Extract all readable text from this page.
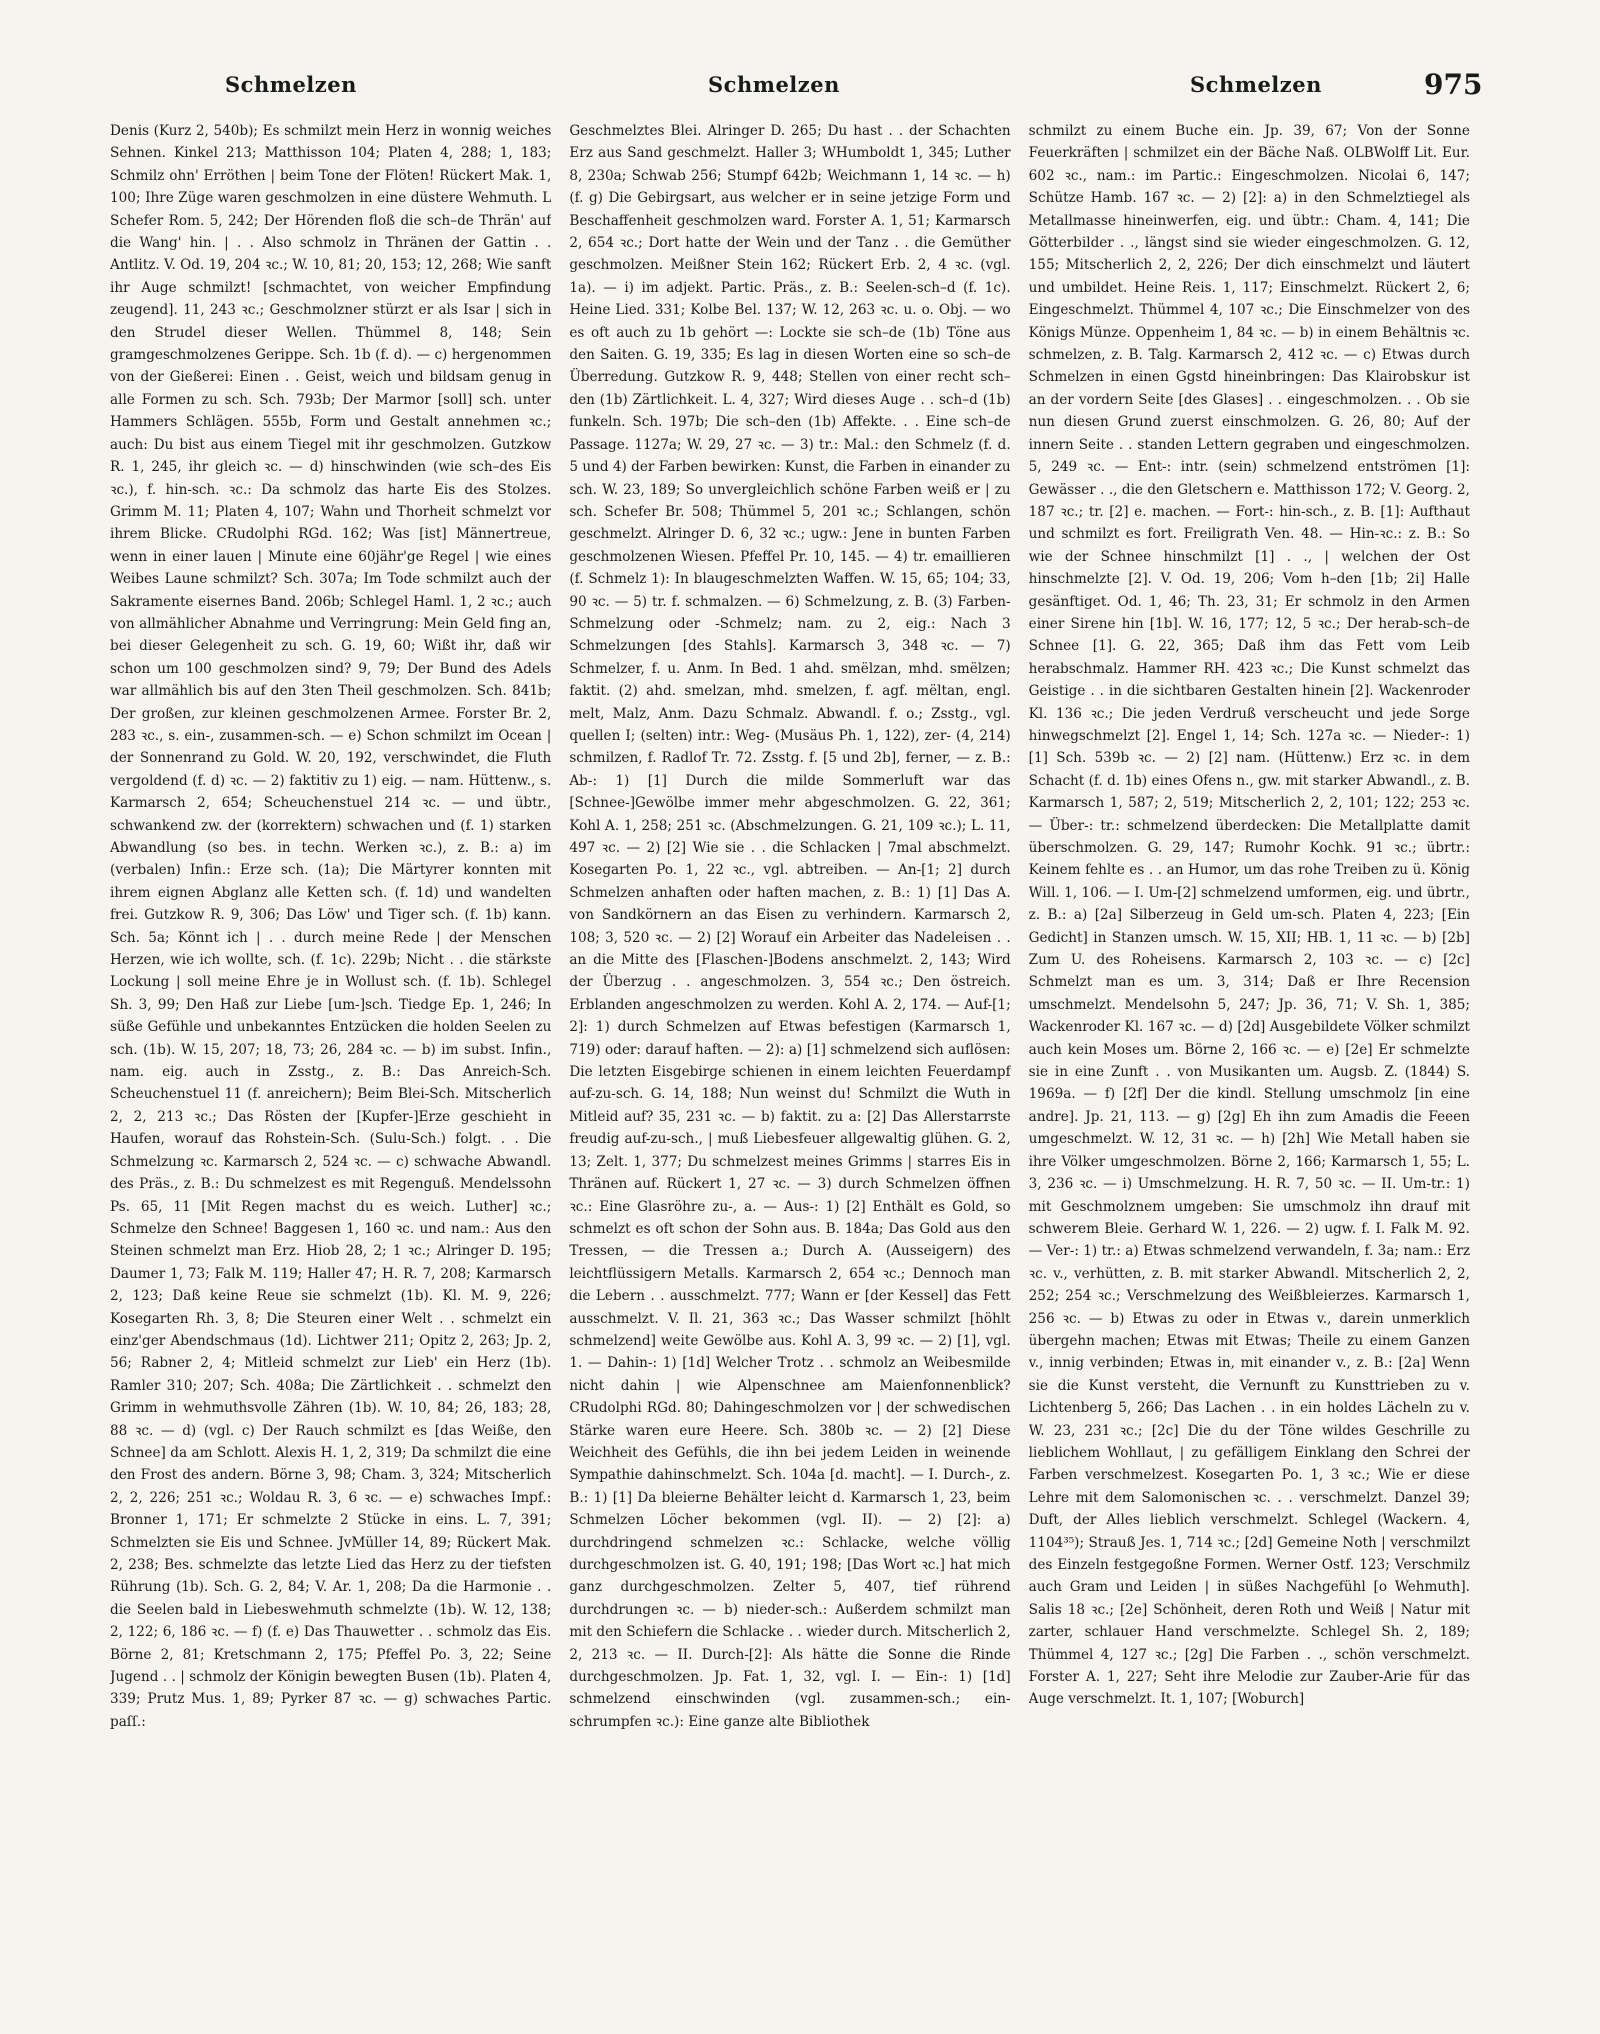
Schmelzen	Schmelzen	Schmelzen	975

Denis (Kurz 2, 540b); Es schmilzt mein Herz in wonnig weiches Sehnen. Kinkel 213; Matthisson 104; Platen 4, 288; 1, 183; Schmilz ohn' Erröthen | beim Tone der Flöten! Rückert Mak. 1, 100; Ihre Züge waren geschmolzen in eine düstere Wehmuth. L Schefer Rom. 5, 242; Der Hörenden floß die sch–de Thrän' auf die Wang' hin. | . . Also schmolz in Thränen der Gattin . . Antlitz. V. Od. 19, 204 ꝛc.; W. 10, 81; 20, 153; 12, 268; Wie sanft ihr Auge schmilzt! [schmachtet, von weicher Empfindung zeugend]. 11, 243 ꝛc.; Geschmolzner stürzt er als Isar | sich in den Strudel dieser Wellen. Thümmel 8, 148; Sein gramgeschmolzenes Gerippe. Sch. 1b (f. d). — c) hergenommen von der Gießerei: Einen . . Geist, weich und bildsam genug in alle Formen zu sch. Sch. 793b; Der Marmor [soll] sch. unter Hammers Schlägen. 555b, Form und Gestalt annehmen ꝛc.; auch: Du bist aus einem Tiegel mit ihr geschmolzen. Gutzkow R. 1, 245, ihr gleich ꝛc. — d) hinschwinden (wie sch–des Eis ꝛc.), f. hin-sch. ꝛc.: Da schmolz das harte Eis des Stolzes. Grimm M. 11; Platen 4, 107; Wahn und Thorheit schmelzt vor ihrem Blicke. CRudolphi RGd. 162; Was [ist] Männertreue, wenn in einer lauen | Minute eine 60jähr'ge Regel | wie eines Weibes Laune schmilzt? Sch. 307a; Im Tode schmilzt auch der Sakramente eisernes Band. 206b; Schlegel Haml. 1, 2 ꝛc.; auch von allmählicher Abnahme und Verringrung: Mein Geld fing an, bei dieser Gelegenheit zu sch. G. 19, 60; Wißt ihr, daß wir schon um 100 geschmolzen sind? 9, 79; Der Bund des Adels war allmählich bis auf den 3ten Theil geschmolzen. Sch. 841b; Der großen, zur kleinen geschmolzenen Armee. Forster Br. 2, 283 ꝛc., s. ein-, zusammen-sch. — e) Schon schmilzt im Ocean | der Sonnenrand zu Gold. W. 20, 192, verschwindet, die Fluth vergoldend (f. d) ꝛc. — 2) faktitiv zu 1) eig. — nam. Hüttenw., s. Karmarsch 2, 654; Scheuchenstuel 214 ꝛc. — und übtr., schwankend zw. der (korrektern) schwachen und (f. 1) starken Abwandlung (so bes. in techn. Werken ꝛc.), z. B.: a) im (verbalen) Infin.: Erze sch. (1a); Die Märtyrer konnten mit ihrem eignen Abglanz alle Ketten sch. (f. 1d) und wandelten frei. Gutzkow R. 9, 306; Das Löw' und Tiger sch. (f. 1b) kann. Sch. 5a; Könnt ich | . . durch meine Rede | der Menschen Herzen, wie ich wollte, sch. (f. 1c). 229b; Nicht . . die stärkste Lockung | soll meine Ehre je in Wollust sch. (f. 1b). Schlegel Sh. 3, 99; Den Haß zur Liebe [um-]sch. Tiedge Ep. 1, 246; In süße Gefühle und unbekanntes Entzücken die holden Seelen zu sch. (1b). W. 15, 207; 18, 73; 26, 284 ꝛc. — b) im subst. Infin., nam. eig. auch in Zsstg., z. B.: Das Anreich-Sch. Scheuchenstuel 11 (f. anreichern); Beim Blei-Sch. Mitscherlich 2, 2, 213 ꝛc.; Das Rösten der [Kupfer-]Erze geschieht in Haufen, worauf das Rohstein-Sch. (Sulu-Sch.) folgt. . . Die Schmelzung ꝛc. Karmarsch 2, 524 ꝛc. — c) schwache Abwandl. des Präs., z. B.: Du schmelzest es mit Regenguß. Mendelssohn Ps. 65, 11 [Mit Regen machst du es weich. Luther] ꝛc.; Schmelze den Schnee! Baggesen 1, 160 ꝛc. und nam.: Aus den Steinen schmelzt man Erz. Hiob 28, 2; 1 ꝛc.; Alringer D. 195; Daumer 1, 73; Falk M. 119; Haller 47; H. R. 7, 208; Karmarsch 2, 123; Daß keine Reue sie schmelzt (1b). Kl. M. 9, 226; Kosegarten Rh. 3, 8; Die Steuren einer Welt . . schmelzt ein einz'ger Abendschmaus (1d). Lichtwer 211; Opitz 2, 263; Jp. 2, 56; Rabner 2, 4; Mitleid schmelzt zur Lieb' ein Herz (1b). Ramler 310; 207; Sch. 408a; Die Zärtlichkeit . . schmelzt den Grimm in wehmuthsvolle Zähren (1b). W. 10, 84; 26, 183; 28, 88 ꝛc. — d) (vgl. c) Der Rauch schmilzt es [das Weiße, den Schnee] da am Schlott. Alexis H. 1, 2, 319; Da schmilzt die eine den Frost des andern. Börne 3, 98; Cham. 3, 324; Mitscherlich 2, 2, 226; 251 ꝛc.; Woldau R. 3, 6 ꝛc. — e) schwaches Impf.: Bronner 1, 171; Er schmelzte 2 Stücke in eins. L. 7, 391; Schmelzten sie Eis und Schnee. JvMüller 14, 89; Rückert Mak. 2, 238; Bes. schmelzte das letzte Lied das Herz zu der tiefsten Rührung (1b). Sch. G. 2, 84; V. Ar. 1, 208; Da die Harmonie . . die Seelen bald in Liebeswehmuth schmelzte (1b). W. 12, 138; 2, 122; 6, 186 ꝛc. — f) (f. e) Das Thauwetter . . schmolz das Eis. Börne 2, 81; Kretschmann 2, 175; Pfeffel Po. 3, 22; Seine Jugend . . | schmolz der Königin bewegten Busen (1b). Platen 4, 339; Prutz Mus. 1, 89; Pyrker 87 ꝛc. — g) schwaches Partic. paſſ.:

Geschmelztes Blei. Alringer D. 265; Du hast . . der Schachten Erz aus Sand geschmelzt. Haller 3; WHumboldt 1, 345; Luther 8, 230a; Schwab 256; Stumpf 642b; Weichmann 1, 14 ꝛc. — h) (f. g) Die Gebirgsart, aus welcher er in seine jetzige Form und Beschaffenheit geschmolzen ward. Forster A. 1, 51; Karmarsch 2, 654 ꝛc.; Dort hatte der Wein und der Tanz . . die Gemüther geschmolzen. Meißner Stein 162; Rückert Erb. 2, 4 ꝛc. (vgl. 1a). — i) im adjekt. Partic. Präs., z. B.: Seelen-sch–d (f. 1c). Heine Lied. 331; Kolbe Bel. 137; W. 12, 263 ꝛc. u. o. Obj. — wo es oft auch zu 1b gehört —: Lockte sie sch–de (1b) Töne aus den Saiten. G. 19, 335; Es lag in diesen Worten eine so sch–de Überredung. Gutzkow R. 9, 448; Stellen von einer recht sch–den (1b) Zärtlichkeit. L. 4, 327; Wird dieses Auge . . sch–d (1b) funkeln. Sch. 197b; Die sch–den (1b) Affekte. . . Eine sch–de Passage. 1127a; W. 29, 27 ꝛc. — 3) tr.: Mal.: den Schmelz (f. d. 5 und 4) der Farben bewirken: Kunst, die Farben in einander zu sch. W. 23, 189; So unvergleichlich schöne Farben weiß er | zu sch. Schefer Br. 508; Thümmel 5, 201 ꝛc.; Schlangen, schön geschmelzt. Alringer D. 6, 32 ꝛc.; ugw.: Jene in bunten Farben geschmolzenen Wiesen. Pfeffel Pr. 10, 145. — 4) tr. emaillieren (f. Schmelz 1): In blaugeschmelzten Waffen. W. 15, 65; 104; 33, 90 ꝛc. — 5) tr. f. schmalzen. — 6) Schmelzung, z. B. (3) Farben-Schmelzung oder -Schmelz; nam. zu 2, eig.: Nach 3 Schmelzungen [des Stahls]. Karmarsch 3, 348 ꝛc. — 7) Schmelzer, f. u. Anm. In Bed. 1 ahd. smëlzan, mhd. smëlzen; faktit. (2) ahd. smelzan, mhd. smelzen, f. agf. mëltan, engl. melt, Malz, Anm. Dazu Schmalz. Abwandl. f. o.; Zsstg., vgl. quellen I; (selten) intr.: Weg- (Musäus Ph. 1, 122), zer- (4, 214) schmilzen, f. Radlof Tr. 72. Zsstg. f. [5 und 2b], ferner, — z. B.: Ab-: 1) [1] Durch die milde Sommerluft war das [Schnee-]Gewölbe immer mehr abgeschmolzen. G. 22, 361; Kohl A. 1, 258; 251 ꝛc. (Abschmelzungen. G. 21, 109 ꝛc.); L. 11, 497 ꝛc. — 2) [2] Wie sie . . die Schlacken | 7mal abschmelzt. Kosegarten Po. 1, 22 ꝛc., vgl. abtreiben. — An-[1; 2] durch Schmelzen anhaften oder haften machen, z. B.: 1) [1] Das A. von Sandkörnern an das Eisen zu verhindern. Karmarsch 2, 108; 3, 520 ꝛc. — 2) [2] Worauf ein Arbeiter das Nadeleisen . . an die Mitte des [Flaschen-]Bodens anschmelzt. 2, 143; Wird der Überzug . . angeschmolzen. 3, 554 ꝛc.; Den östreich. Erblanden angeschmolzen zu werden. Kohl A. 2, 174. — Auf-[1; 2]: 1) durch Schmelzen auf Etwas befestigen (Karmarsch 1, 719) oder: darauf haften. — 2): a) [1] schmelzend sich auflösen: Die letzten Eisgebirge schienen in einem leichten Feuerdampf auf-zu-sch. G. 14, 188; Nun weinst du! Schmilzt die Wuth in Mitleid auf? 35, 231 ꝛc. — b) faktit. zu a: [2] Das Allerstarrste freudig auf-zu-sch., | muß Liebesfeuer allgewaltig glühen. G. 2, 13; Zelt. 1, 377; Du schmelzest meines Grimms | starres Eis in Thränen auf. Rückert 1, 27 ꝛc. — 3) durch Schmelzen öffnen ꝛc.: Eine Glasröhre zu-, a. — Aus-: 1) [2] Enthält es Gold, so schmelzt es oft schon der Sohn aus. B. 184a; Das Gold aus den Tressen, — die Tressen a.; Durch A. (Ausseigern) des leichtflüssigern Metalls. Karmarsch 2, 654 ꝛc.; Dennoch man die Lebern . . ausschmelzt. 777; Wann er [der Kessel] das Fett ausschmelzt. V. Il. 21, 363 ꝛc.; Das Wasser schmilzt [höhlt schmelzend] weite Gewölbe aus. Kohl A. 3, 99 ꝛc. — 2) [1], vgl. 1. — Dahin-: 1) [1d] Welcher Trotz . . schmolz an Weibesmilde nicht dahin | wie Alpenschnee am Maienfonnenblick? CRudolphi RGd. 80; Dahingeschmolzen vor | der schwedischen Stärke waren eure Heere. Sch. 380b ꝛc. — 2) [2] Diese Weichheit des Gefühls, die ihn bei jedem Leiden in weinende Sympathie dahinschmelzt. Sch. 104a [d. macht]. — I. Durch-, z. B.: 1) [1] Da bleierne Behälter leicht d. Karmarsch 1, 23, beim Schmelzen Löcher bekommen (vgl. II). — 2) [2]: a) durchdringend schmelzen ꝛc.: Schlacke, welche völlig durchgeschmolzen ist. G. 40, 191; 198; [Das Wort ꝛc.] hat mich ganz durchgeschmolzen. Zelter 5, 407, tief rührend durchdrungen ꝛc. — b) nieder-sch.: Außerdem schmilzt man mit den Schiefern die Schlacke . . wieder durch. Mitscherlich 2, 2, 213 ꝛc. — II. Durch-[2]: Als hätte die Sonne die Rinde durchgeschmolzen. Jp. Fat. 1, 32, vgl. I. — Ein-: 1) [1d] schmelzend einschwinden (vgl. zusammen-sch.; ein-schrumpfen ꝛc.): Eine ganze alte Bibliothek

schmilzt zu einem Buche ein. Jp. 39, 67; Von der Sonne Feuerkräften | schmilzet ein der Bäche Naß. OLBWolff Lit. Eur. 602 ꝛc., nam.: im Partic.: Eingeschmolzen. Nicolai 6, 147; Schütze Hamb. 167 ꝛc. — 2) [2]: a) in den Schmelztiegel als Metallmasse hineinwerfen, eig. und übtr.: Cham. 4, 141; Die Götterbilder . ., längst sind sie wieder eingeschmolzen. G. 12, 155; Mitscherlich 2, 2, 226; Der dich einschmelzt und läutert und umbildet. Heine Reis. 1, 117; Einschmelzt. Rückert 2, 6; Eingeschmelzt. Thümmel 4, 107 ꝛc.; Die Einschmelzer von des Königs Münze. Oppenheim 1, 84 ꝛc. — b) in einem Behältnis ꝛc. schmelzen, z. B. Talg. Karmarsch 2, 412 ꝛc. — c) Etwas durch Schmelzen in einen Ggstd hineinbringen: Das Klairobskur ist an der vordern Seite [des Glases] . . eingeschmolzen. . . Ob sie nun diesen Grund zuerst einschmolzen. G. 26, 80; Auf der innern Seite . . standen Lettern gegraben und eingeschmolzen. 5, 249 ꝛc. — Ent-: intr. (sein) schmelzend entströmen [1]: Gewässer . ., die den Gletschern e. Matthisson 172; V. Georg. 2, 187 ꝛc.; tr. [2] e. machen. — Fort-: hin-sch., z. B. [1]: Aufthaut und schmilzt es fort. Freiligrath Ven. 48. — Hin-ꝛc.: z. B.: So wie der Schnee hinschmilzt [1] . ., | welchen der Ost hinschmelzte [2]. V. Od. 19, 206; Vom h–den [1b; 2i] Halle gesänftiget. Od. 1, 46; Th. 23, 31; Er schmolz in den Armen einer Sirene hin [1b]. W. 16, 177; 12, 5 ꝛc.; Der herab-sch–de Schnee [1]. G. 22, 365; Daß ihm das Fett vom Leib herabschmalz. Hammer RH. 423 ꝛc.; Die Kunst schmelzt das Geistige . . in die sichtbaren Gestalten hinein [2]. Wackenroder Kl. 136 ꝛc.; Die jeden Verdruß verscheucht und jede Sorge hinwegschmelzt [2]. Engel 1, 14; Sch. 127a ꝛc. — Nieder-: 1) [1] Sch. 539b ꝛc. — 2) [2] nam. (Hüttenw.) Erz ꝛc. in dem Schacht (f. d. 1b) eines Ofens n., gw. mit starker Abwandl., z. B. Karmarsch 1, 587; 2, 519; Mitscherlich 2, 2, 101; 122; 253 ꝛc. — Über-: tr.: schmelzend überdecken: Die Metallplatte damit überschmolzen. G. 29, 147; Rumohr Kochk. 91 ꝛc.; übrtr.: Keinem fehlte es . . an Humor, um das rohe Treiben zu ü. König Will. 1, 106. — I. Um-[2] schmelzend umformen, eig. und übrtr., z. B.: a) [2a] Silberzeug in Geld um-sch. Platen 4, 223; [Ein Gedicht] in Stanzen umsch. W. 15, XII; HB. 1, 11 ꝛc. — b) [2b] Zum U. des Roheisens. Karmarsch 2, 103 ꝛc. — c) [2c] Schmelzt man es um. 3, 314; Daß er Ihre Recension umschmelzt. Mendelsohn 5, 247; Jp. 36, 71; V. Sh. 1, 385; Wackenroder Kl. 167 ꝛc. — d) [2d] Ausgebildete Völker schmilzt auch kein Moses um. Börne 2, 166 ꝛc. — e) [2e] Er schmelzte sie in eine Zunft . . von Musikanten um. Augsb. Z. (1844) S. 1969a. — f) [2f] Der die kindl. Stellung umschmolz [in eine andre]. Jp. 21, 113. — g) [2g] Eh ihn zum Amadis die Feeen umgeschmelzt. W. 12, 31 ꝛc. — h) [2h] Wie Metall haben sie ihre Völker umgeschmolzen. Börne 2, 166; Karmarsch 1, 55; L. 3, 236 ꝛc. — i) Umschmelzung. H. R. 7, 50 ꝛc. — II. Um-tr.: 1) mit Geschmolznem umgeben: Sie umschmolz ihn drauf mit schwerem Bleie. Gerhard W. 1, 226. — 2) ugw. f. I. Falk M. 92. — Ver-: 1) tr.: a) Etwas schmelzend verwandeln, f. 3a; nam.: Erz ꝛc. v., verhütten, z. B. mit starker Abwandl. Mitscherlich 2, 2, 252; 254 ꝛc.; Verschmelzung des Weißbleierzes. Karmarsch 1, 256 ꝛc. — b) Etwas zu oder in Etwas v., darein unmerklich übergehn machen; Etwas mit Etwas; Theile zu einem Ganzen v., innig verbinden; Etwas in, mit einander v., z. B.: [2a] Wenn sie die Kunst versteht, die Vernunft zu Kunsttrieben zu v. Lichtenberg 5, 266; Das Lachen . . in ein holdes Lächeln zu v. W. 23, 231 ꝛc.; [2c] Die du der Töne wildes Geschrille zu lieblichem Wohllaut, | zu gefälligem Einklang den Schrei der Farben verschmelzest. Kosegarten Po. 1, 3 ꝛc.; Wie er diese Lehre mit dem Salomonischen ꝛc. . . verschmelzt. Danzel 39; Duft, der Alles lieblich verschmelzt. Schlegel (Wackern. 4, 1104³⁵); Strauß Jes. 1, 714 ꝛc.; [2d] Gemeine Noth | verschmilzt des Einzeln festgegoßne Formen. Werner Ostf. 123; Verschmilz auch Gram und Leiden | in süßes Nachgefühl [o Wehmuth]. Salis 18 ꝛc.; [2e] Schönheit, deren Roth und Weiß | Natur mit zarter, schlauer Hand verschmelzte. Schlegel Sh. 2, 189; Thümmel 4, 127 ꝛc.; [2g] Die Farben . ., schön verschmelzt. Forster A. 1, 227; Seht ihre Melodie zur Zauber-Arie für das Auge verschmelzt. It. 1, 107; [Woburch]
